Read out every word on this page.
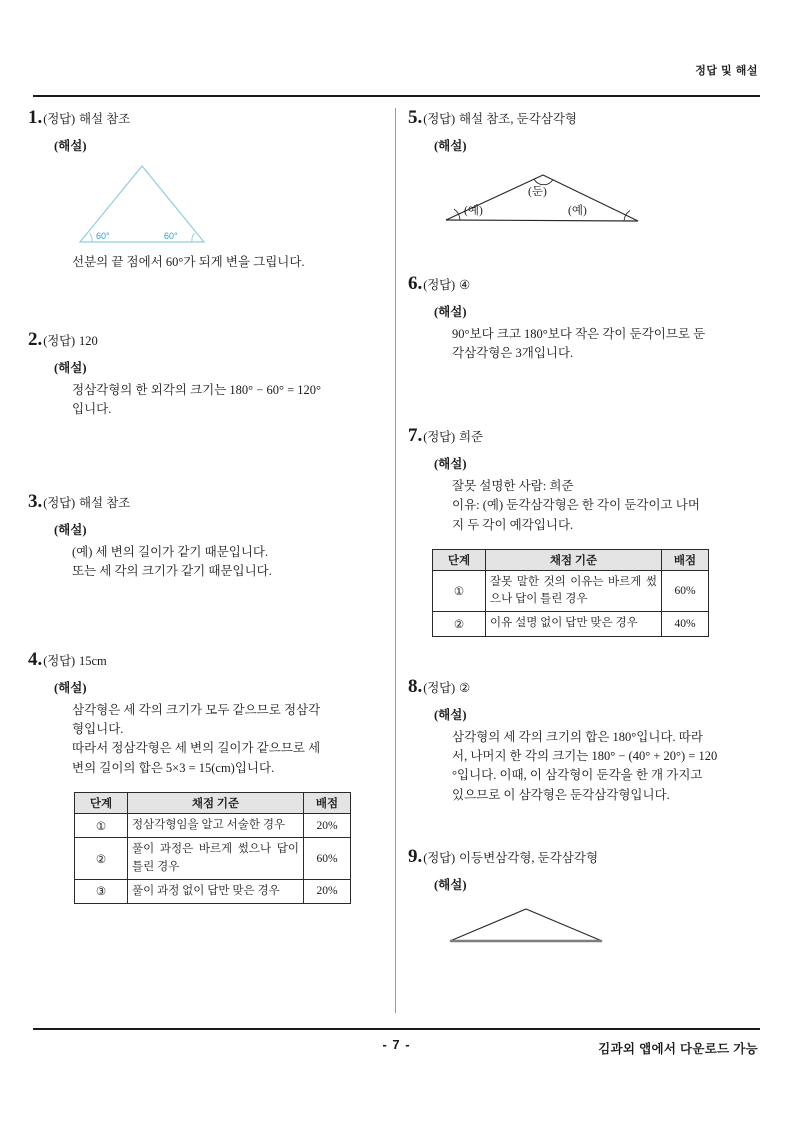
정답 및 해설
1. (정답) 해설 참조
(해설)
60°	60°
선분의 끝 점에서 60°가 되게 변을 그립니다.
2. (정답) 120
(해설)

정삼각형의 한 외각의 크기는 180° − 60° = 120°

입니다.

3. (정답) 해설 참조
(해설)

(예) 세 변의 길이가 같기 때문입니다.

또는 세 각의 크기가 같기 때문입니다.

4. (정답) 15cm
(해설)

삼각형은 세 각의 크기가 모두 같으므로 정삼각

형입니다.

따라서 정삼각형은 세 변의 길이가 같으므로 세

변의 길이의 합은 5×3 = 15(cm)입니다.

단계	채점 기준	배점
①	정삼각형임을 알고 서술한 경우	20%
②	풀이 과정은 바르게 썼으나 답이 틀린 경우	60%
③	풀이 과정 없이 답만 맞은 경우	20%
5. (정답) 해설 참조, 둔각삼각형
(해설)
(둔)
(예)	(예)
6. (정답) ④
(해설)

90°보다 크고 180°보다 작은 각이 둔각이므로 둔

각삼각형은 3개입니다.

7. (정답) 희준
(해설)

잘못 설명한 사람: 희준

이유: (예) 둔각삼각형은 한 각이 둔각이고 나머

지 두 각이 예각입니다.

단계	채점 기준	배점
①	잘못 말한 것의 이유는 바르게 썼으나 답이 틀린 경우	60%
②	이유 설명 없이 답만 맞은 경우	40%
8. (정답) ②
(해설)

삼각형의 세 각의 크기의 합은 180°입니다. 따라

서, 나머지 한 각의 크기는 180° − (40° + 20°) = 120

°입니다. 이때, 이 삼각형이 둔각을 한 개 가지고

있으므로 이 삼각형은 둔각삼각형입니다.

9. (정답) 이등변삼각형, 둔각삼각형
(해설)
- 7 -	김과외 앱에서 다운로드 가능
